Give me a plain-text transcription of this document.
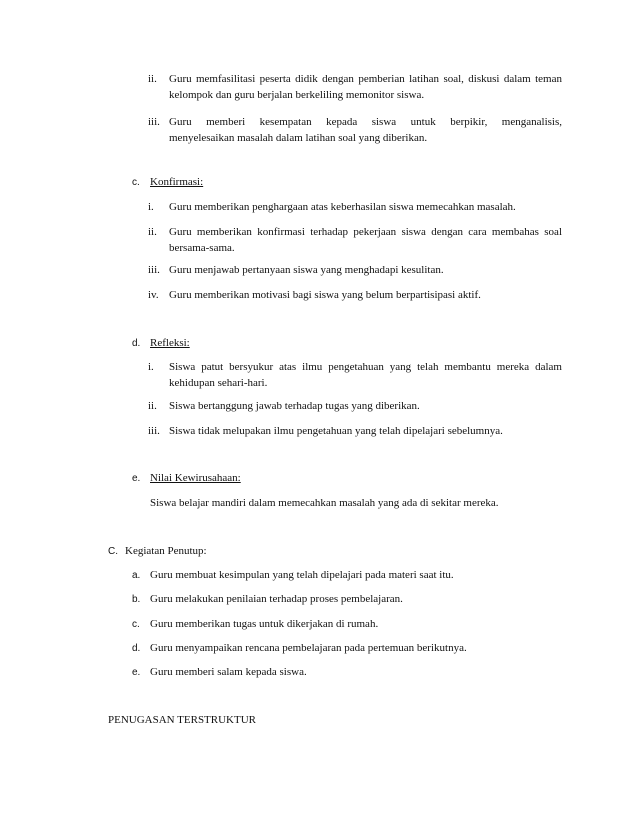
ii. Guru memfasilitasi peserta didik dengan pemberian latihan soal, diskusi dalam teman
kelompok dan guru berjalan berkeliling memonitor siswa.
iii. Guru memberi kesempatan kepada siswa untuk berpikir, menganalisis,
menyelesaikan masalah dalam latihan soal yang diberikan.
c. Konfirmasi:
i. Guru memberikan penghargaan atas keberhasilan siswa memecahkan masalah.
ii. Guru memberikan konfirmasi terhadap pekerjaan siswa dengan cara membahas soal
bersama-sama.
iii. Guru menjawab pertanyaan siswa yang menghadapi kesulitan.
iv. Guru memberikan motivasi bagi siswa yang belum berpartisipasi aktif.
d. Refleksi:
i. Siswa patut bersyukur atas ilmu pengetahuan yang telah membantu mereka dalam
kehidupan sehari-hari.
ii. Siswa bertanggung jawab terhadap tugas yang diberikan.
iii. Siswa tidak melupakan ilmu pengetahuan yang telah dipelajari sebelumnya.
e. Nilai Kewirusahaan:
Siswa belajar mandiri dalam memecahkan masalah yang ada di sekitar mereka.
C. Kegiatan Penutup:
a. Guru membuat kesimpulan yang telah dipelajari pada materi saat itu.
b. Guru melakukan penilaian terhadap proses pembelajaran.
c. Guru memberikan tugas untuk dikerjakan di rumah.
d. Guru menyampaikan rencana pembelajaran pada pertemuan berikutnya.
e. Guru memberi salam kepada siswa.
PENUGASAN TERSTRUKTUR
